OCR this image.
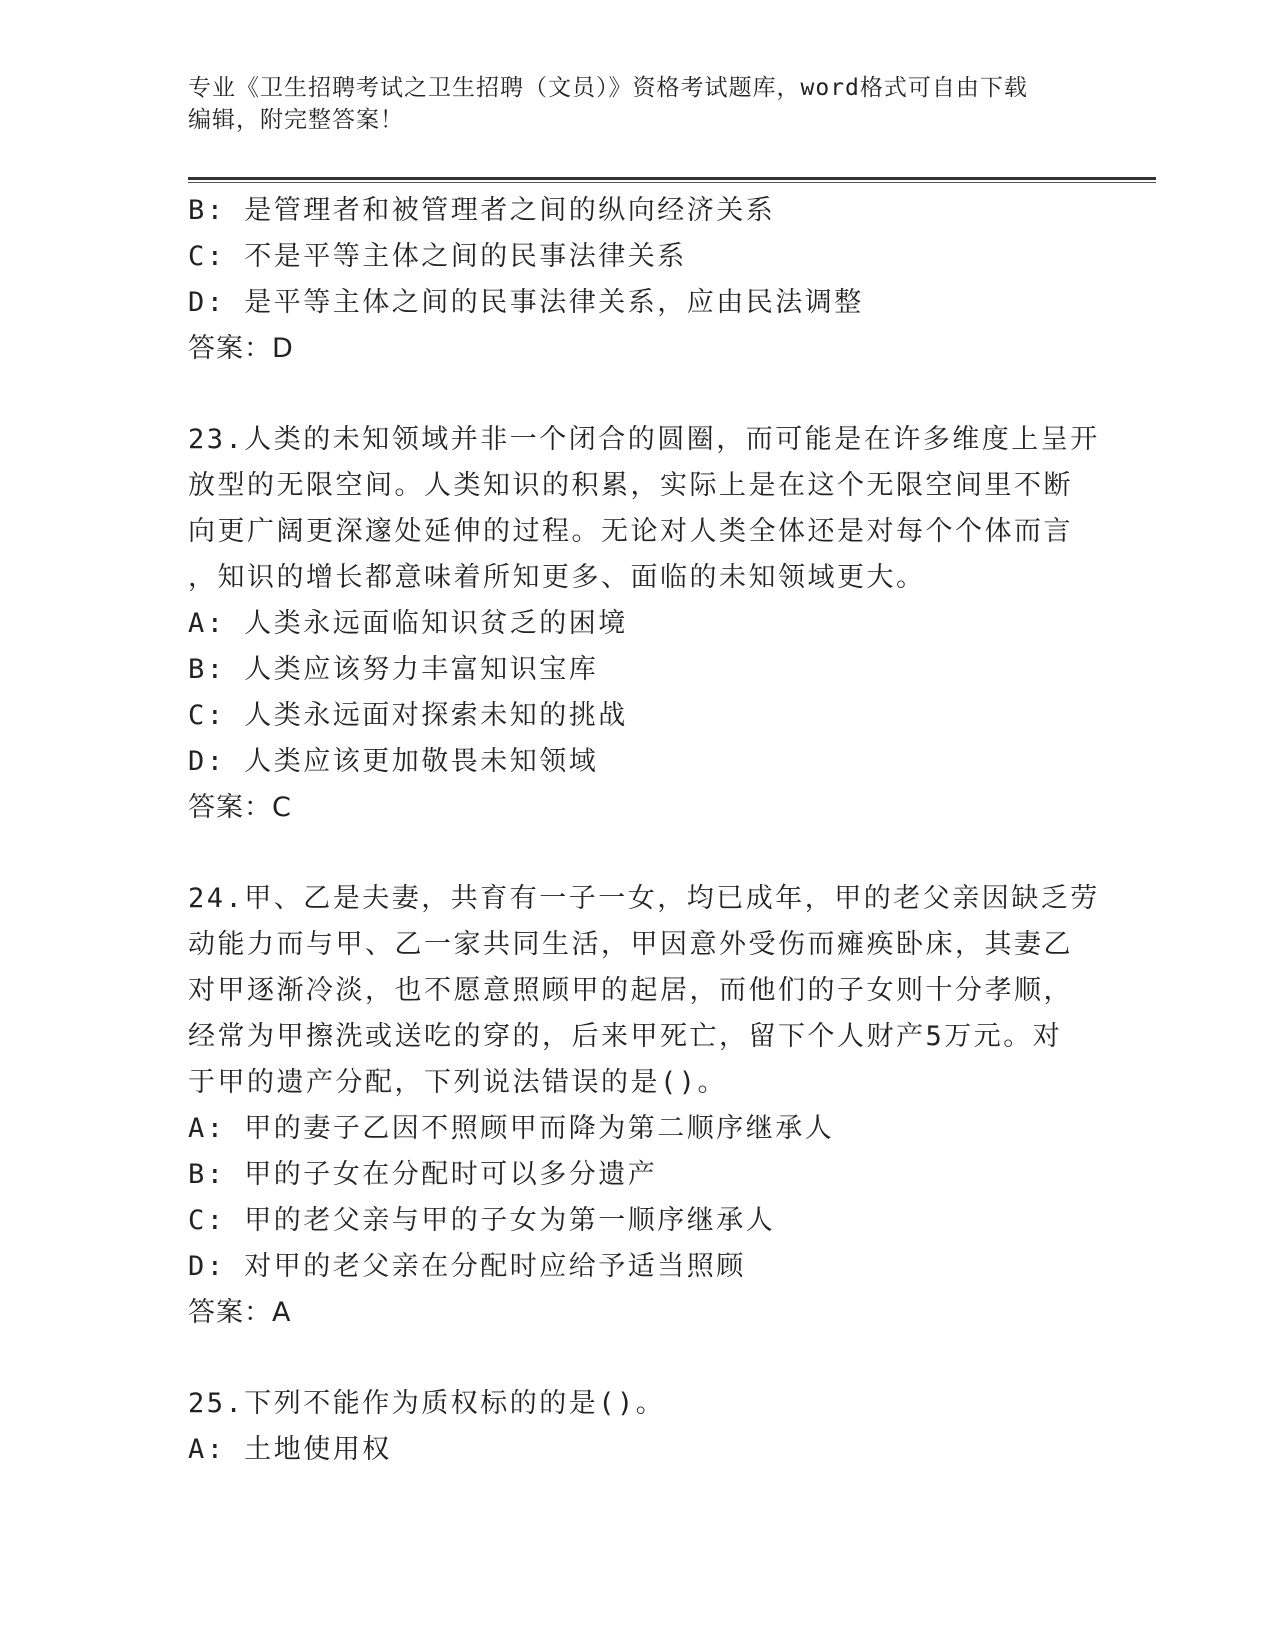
专业《卫生招聘考试之卫生招聘（文员）》资格考试题库，word格式可自由下载
编辑，附完整答案！
B: 是管理者和被管理者之间的纵向经济关系
C: 不是平等主体之间的民事法律关系
D: 是平等主体之间的民事法律关系，应由民法调整
答案：D
23.人类的未知领域并非一个闭合的圆圈，而可能是在许多维度上呈开
放型的无限空间。人类知识的积累，实际上是在这个无限空间里不断
向更广阔更深邃处延伸的过程。无论对人类全体还是对每个个体而言
，知识的增长都意味着所知更多、面临的未知领域更大。
A: 人类永远面临知识贫乏的困境
B: 人类应该努力丰富知识宝库
C: 人类永远面对探索未知的挑战
D: 人类应该更加敬畏未知领域
答案：C
24.甲、乙是夫妻，共育有一子一女，均已成年，甲的老父亲因缺乏劳
动能力而与甲、乙一家共同生活，甲因意外受伤而瘫痪卧床，其妻乙
对甲逐渐冷淡，也不愿意照顾甲的起居，而他们的子女则十分孝顺，
经常为甲擦洗或送吃的穿的，后来甲死亡，留下个人财产5万元。对
于甲的遗产分配，下列说法错误的是()。
A: 甲的妻子乙因不照顾甲而降为第二顺序继承人
B: 甲的子女在分配时可以多分遗产
C: 甲的老父亲与甲的子女为第一顺序继承人
D: 对甲的老父亲在分配时应给予适当照顾
答案：A
25.下列不能作为质权标的的是()。
A: 土地使用权
